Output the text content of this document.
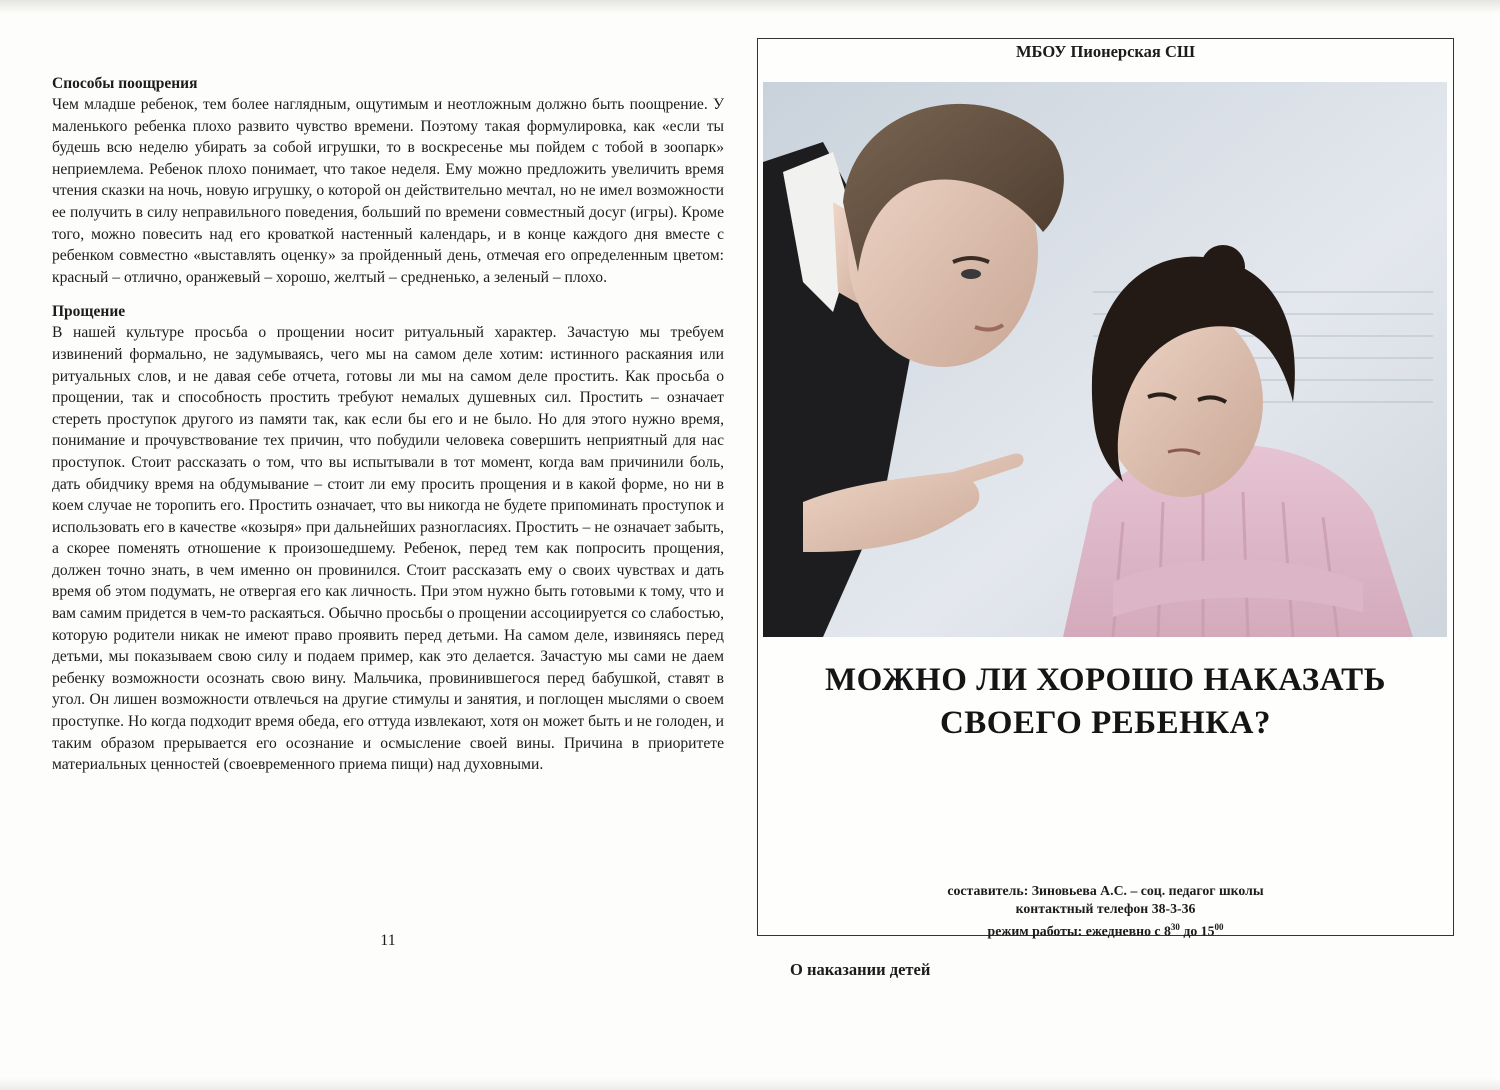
Способы поощрения

Чем младше ребенок, тем более наглядным, ощутимым и неотложным должно быть поощрение. У маленького ребенка плохо развито чувство времени. Поэтому такая формулировка, как «если ты будешь всю неделю убирать за собой игрушки, то в воскресенье мы пойдем с тобой в зоопарк» неприемлема. Ребенок плохо понимает, что такое неделя. Ему можно предложить увеличить время чтения сказки на ночь, новую игрушку, о которой он действительно мечтал, но не имел возможности ее получить в силу неправильного поведения, больший по времени совместный досуг (игры). Кроме того, можно повесить над его кроваткой настенный календарь, и в конце каждого дня вместе с ребенком совместно «выставлять оценку» за пройденный день, отмечая его определенным цветом: красный – отлично, оранжевый – хорошо, желтый – средненько, а зеленый – плохо.

Прощение

В нашей культуре просьба о прощении носит ритуальный характер. Зачастую мы требуем извинений формально, не задумываясь, чего мы на самом деле хотим: истинного раскаяния или ритуальных слов, и не давая себе отчета, готовы ли мы на самом деле простить. Как просьба о прощении, так и способность простить требуют немалых душевных сил. Простить – означает стереть проступок другого из памяти так, как если бы его и не было. Но для этого нужно время, понимание и прочувствование тех причин, что побудили человека совершить неприятный для нас проступок. Стоит рассказать о том, что вы испытывали в тот момент, когда вам причинили боль, дать обидчику время на обдумывание – стоит ли ему просить прощения и в какой форме, но ни в коем случае не торопить его. Простить означает, что вы никогда не будете припоминать проступок и использовать его в качестве «козыря» при дальнейших разногласиях. Простить – не означает забыть, а скорее поменять отношение к произошедшему. Ребенок, перед тем как попросить прощения, должен точно знать, в чем именно он провинился. Стоит рассказать ему о своих чувствах и дать время об этом подумать, не отвергая его как личность. При этом нужно быть готовыми к тому, что и вам самим придется в чем-то раскаяться. Обычно просьбы о прощении ассоциируется со слабостью, которую родители никак не имеют право проявить перед детьми. На самом деле, извиняясь перед детьми, мы показываем свою силу и подаем пример, как это делается. Зачастую мы сами не даем ребенку возможности осознать свою вину. Мальчика, провинившегося перед бабушкой, ставят в угол. Он лишен возможности отвлечься на другие стимулы и занятия, и поглощен мыслями о своем проступке. Но когда подходит время обеда, его оттуда извлекают, хотя он может быть и не голоден, и таким образом прерывается его осознание и осмысление своей вины. Причина в приоритете материальных ценностей (своевременного приема пищи) над духовными.

11
МБОУ Пионерская СШ
МОЖНО ЛИ ХОРОШО НАКАЗАТЬ
СВОЕГО РЕБЕНКА?
составитель: Зиновьева А.С. – соц. педагог школы
контактный телефон 38-3-36
режим работы: ежедневно с $8^{30}$ до $15^{00}$
О наказании детей
